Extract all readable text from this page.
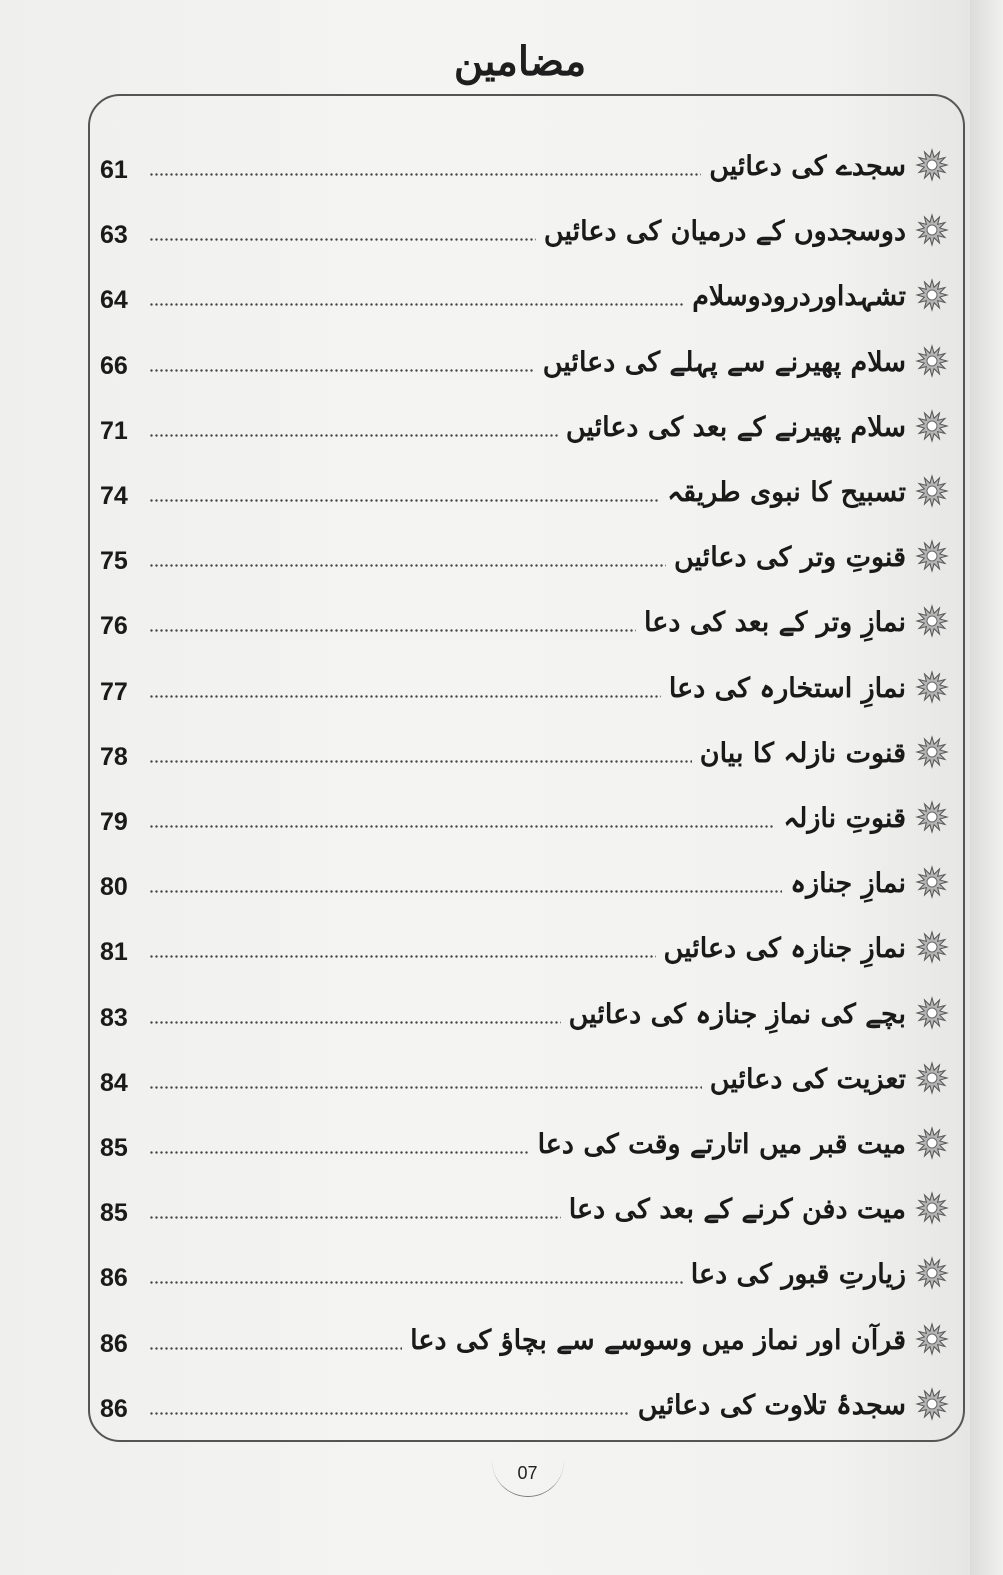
مضامین
61	سجدے کی دعائیں
63	دوسجدوں کے درمیان کی دعائیں
64	تشہداوردرودوسلام
66	سلام پھیرنے سے پہلے کی دعائیں
71	سلام پھیرنے کے بعد کی دعائیں
74	تسبیح کا نبوی طریقہ
75	قنوتِ وتر کی دعائیں
76	نمازِ وتر کے بعد کی دعا
77	نمازِ استخارہ کی دعا
78	قنوت نازلہ کا بیان
79	قنوتِ نازلہ
80	نمازِ جنازہ
81	نمازِ جنازہ کی دعائیں
83	بچے کی نمازِ جنازہ کی دعائیں
84	تعزیت کی دعائیں
85	میت قبر میں اتارتے وقت کی دعا
85	میت دفن کرنے کے بعد کی دعا
86	زیارتِ قبور کی دعا
86	قرآن اور نماز میں وسوسے سے بچاؤ کی دعا
86	سجدۂ تلاوت کی دعائیں
07
